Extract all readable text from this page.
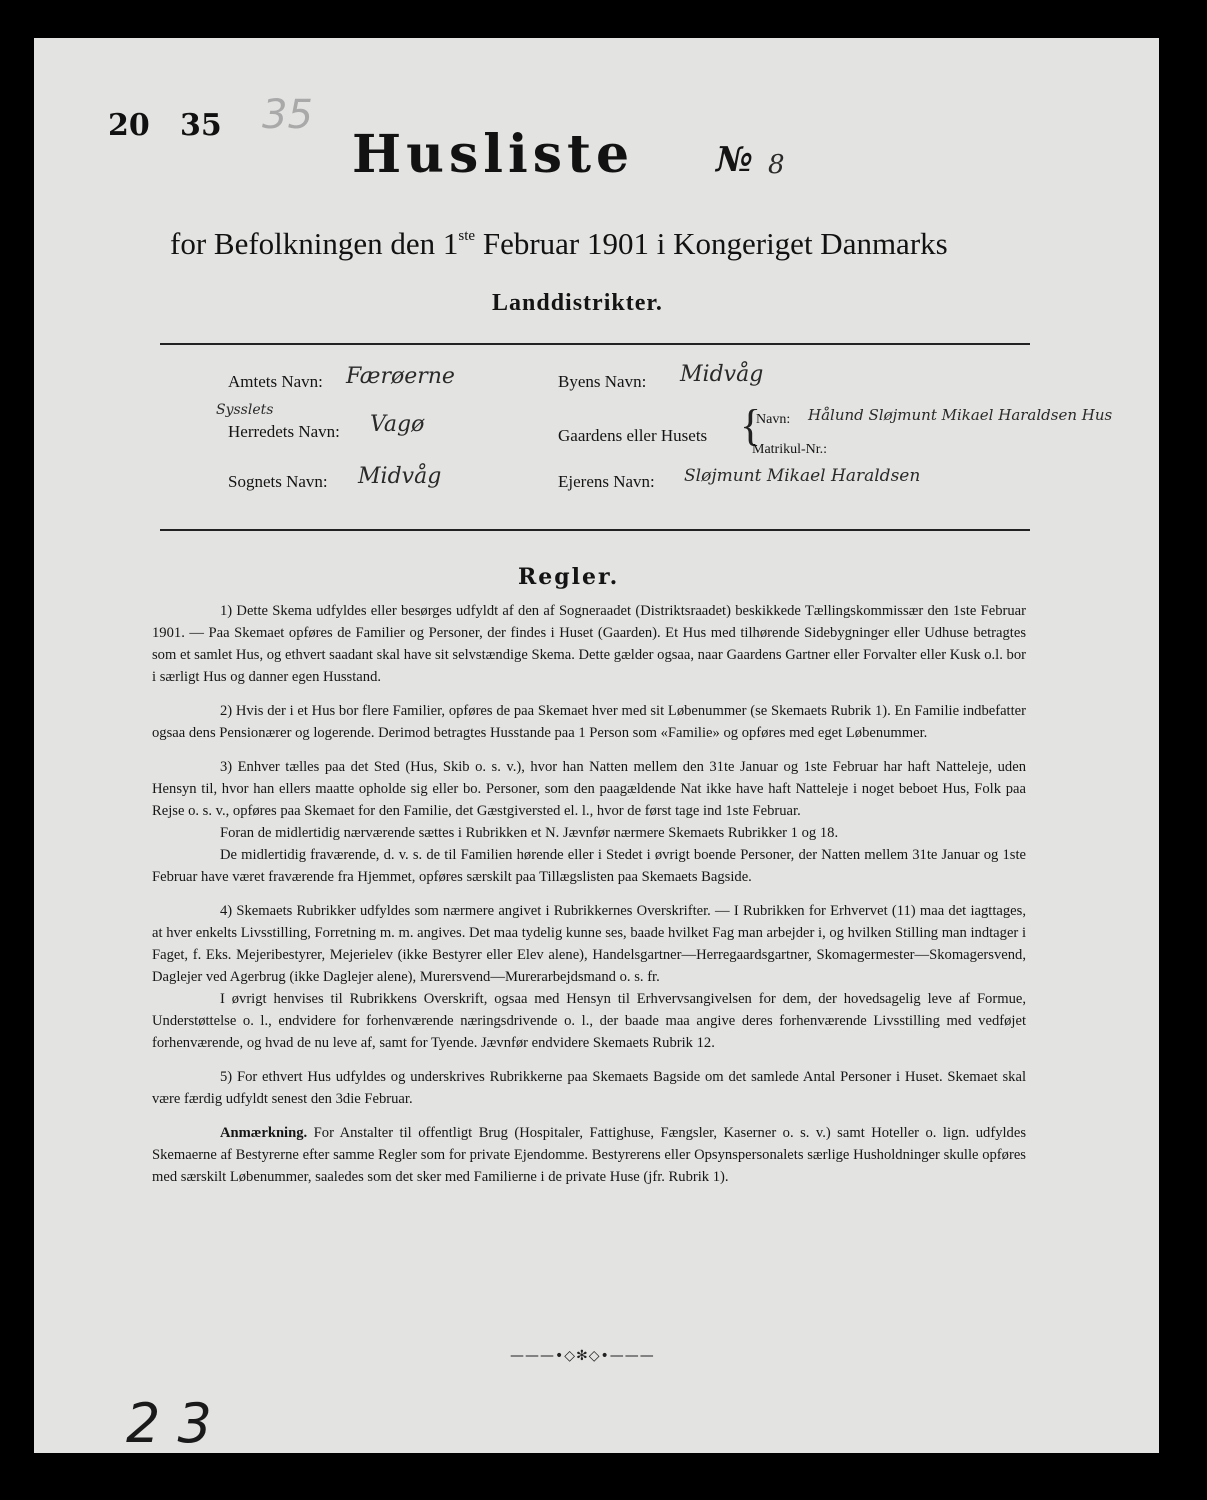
20 35 35
Husliste № 8
for Befolkningen den 1ste Februar 1901 i Kongeriget Danmarks
Landdistrikter.
Amtets Navn: Færøerne
Sysslets
Herredets Navn: Vagø
Sognets Navn: Midvåg
Byens Navn: Midvåg
Gaardens eller Husets {
Navn: Hålund Sløjmunt Mikael Haraldsen Hus
Matrikul-Nr.:
Ejerens Navn: Sløjmunt Mikael Haraldsen
Regler.

1) Dette Skema udfyldes eller besørges udfyldt af den af Sogneraadet (Distriktsraadet) beskikkede Tællingskommissær den 1ste Februar 1901. — Paa Skemaet opføres de Familier og Personer, der findes i Huset (Gaarden). Et Hus med tilhørende Sidebygninger eller Udhuse betragtes som et samlet Hus, og ethvert saadant skal have sit selvstændige Skema. Dette gælder ogsaa, naar Gaardens Gartner eller Forvalter eller Kusk o.l. bor i særligt Hus og danner egen Husstand.

2) Hvis der i et Hus bor flere Familier, opføres de paa Skemaet hver med sit Løbenummer (se Skemaets Rubrik 1). En Familie indbefatter ogsaa dens Pensionærer og logerende. Derimod betragtes Husstande paa 1 Person som «Familie» og opføres med eget Løbenummer.

3) Enhver tælles paa det Sted (Hus, Skib o. s. v.), hvor han Natten mellem den 31te Januar og 1ste Februar har haft Natteleje, uden Hensyn til, hvor han ellers maatte opholde sig eller bo. Personer, som den paagældende Nat ikke have haft Natteleje i noget beboet Hus, Folk paa Rejse o. s. v., opføres paa Skemaet for den Familie, det Gæstgiversted el. l., hvor de først tage ind 1ste Februar.

Foran de midlertidig nærværende sættes i Rubrikken et N. Jævnfør nærmere Skemaets Rubrikker 1 og 18.

De midlertidig fraværende, d. v. s. de til Familien hørende eller i Stedet i øvrigt boende Personer, der Natten mellem 31te Januar og 1ste Februar have været fraværende fra Hjemmet, opføres særskilt paa Tillægslisten paa Skemaets Bagside.

4) Skemaets Rubrikker udfyldes som nærmere angivet i Rubrikkernes Overskrifter. — I Rubrikken for Erhvervet (11) maa det iagttages, at hver enkelts Livsstilling, Forretning m. m. angives. Det maa tydelig kunne ses, baade hvilket Fag man arbejder i, og hvilken Stilling man indtager i Faget, f. Eks. Mejeribestyrer, Mejerielev (ikke Bestyrer eller Elev alene), Handelsgartner—Herregaardsgartner, Skomagermester—Skomagersvend, Daglejer ved Agerbrug (ikke Daglejer alene), Murersvend—Murerarbejdsmand o. s. fr.

I øvrigt henvises til Rubrikkens Overskrift, ogsaa med Hensyn til Erhvervsangivelsen for dem, der hovedsagelig leve af Formue, Understøttelse o. l., endvidere for forhenværende næringsdrivende o. l., der baade maa angive deres forhenværende Livsstilling med vedføjet forhenværende, og hvad de nu leve af, samt for Tyende. Jævnfør endvidere Skemaets Rubrik 12.

5) For ethvert Hus udfyldes og underskrives Rubrikkerne paa Skemaets Bagside om det samlede Antal Personer i Huset. Skemaet skal være færdig udfyldt senest den 3die Februar.

Anmærkning. For Anstalter til offentligt Brug (Hospitaler, Fattighuse, Fængsler, Kaserner o. s. v.) samt Hoteller o. lign. udfyldes Skemaerne af Bestyrerne efter samme Regler som for private Ejendomme. Bestyrerens eller Opsynspersonalets særlige Husholdninger skulle opføres med særskilt Løbenummer, saaledes som det sker med Familierne i de private Huse (jfr. Rubrik 1).

———•◇✻◇•———
2 3
